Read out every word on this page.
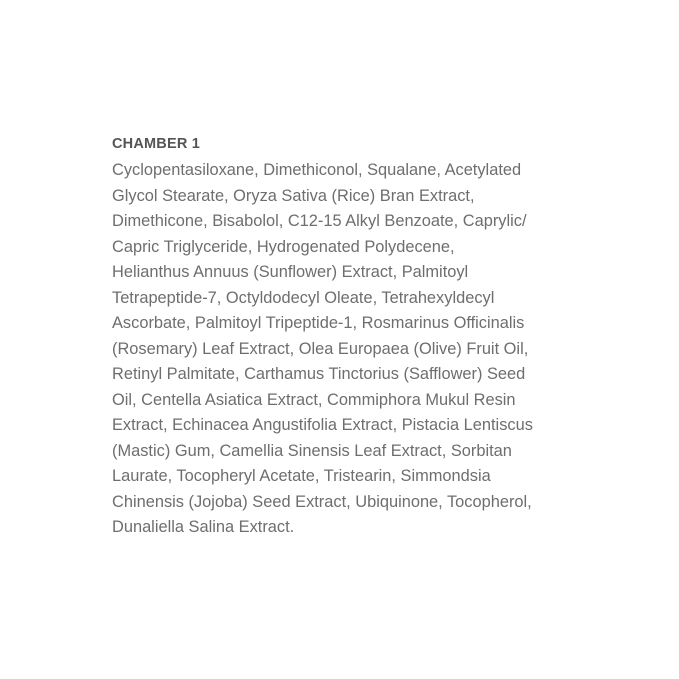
CHAMBER 1

Cyclopentasiloxane, Dimethiconol, Squalane, Acetylated
Glycol Stearate, Oryza Sativa (Rice) Bran Extract,
Dimethicone, Bisabolol, C12-15 Alkyl Benzoate, Caprylic/
Capric Triglyceride, Hydrogenated Polydecene,
Helianthus Annuus (Sunflower) Extract, Palmitoyl
Tetrapeptide-7, Octyldodecyl Oleate, Tetrahexyldecyl
Ascorbate, Palmitoyl Tripeptide-1, Rosmarinus Officinalis
(Rosemary) Leaf Extract, Olea Europaea (Olive) Fruit Oil,
Retinyl Palmitate, Carthamus Tinctorius (Safflower) Seed
Oil, Centella Asiatica Extract, Commiphora Mukul Resin
Extract, Echinacea Angustifolia Extract, Pistacia Lentiscus
(Mastic) Gum, Camellia Sinensis Leaf Extract, Sorbitan
Laurate, Tocopheryl Acetate, Tristearin, Simmondsia
Chinensis (Jojoba) Seed Extract, Ubiquinone, Tocopherol,
Dunaliella Salina Extract.
